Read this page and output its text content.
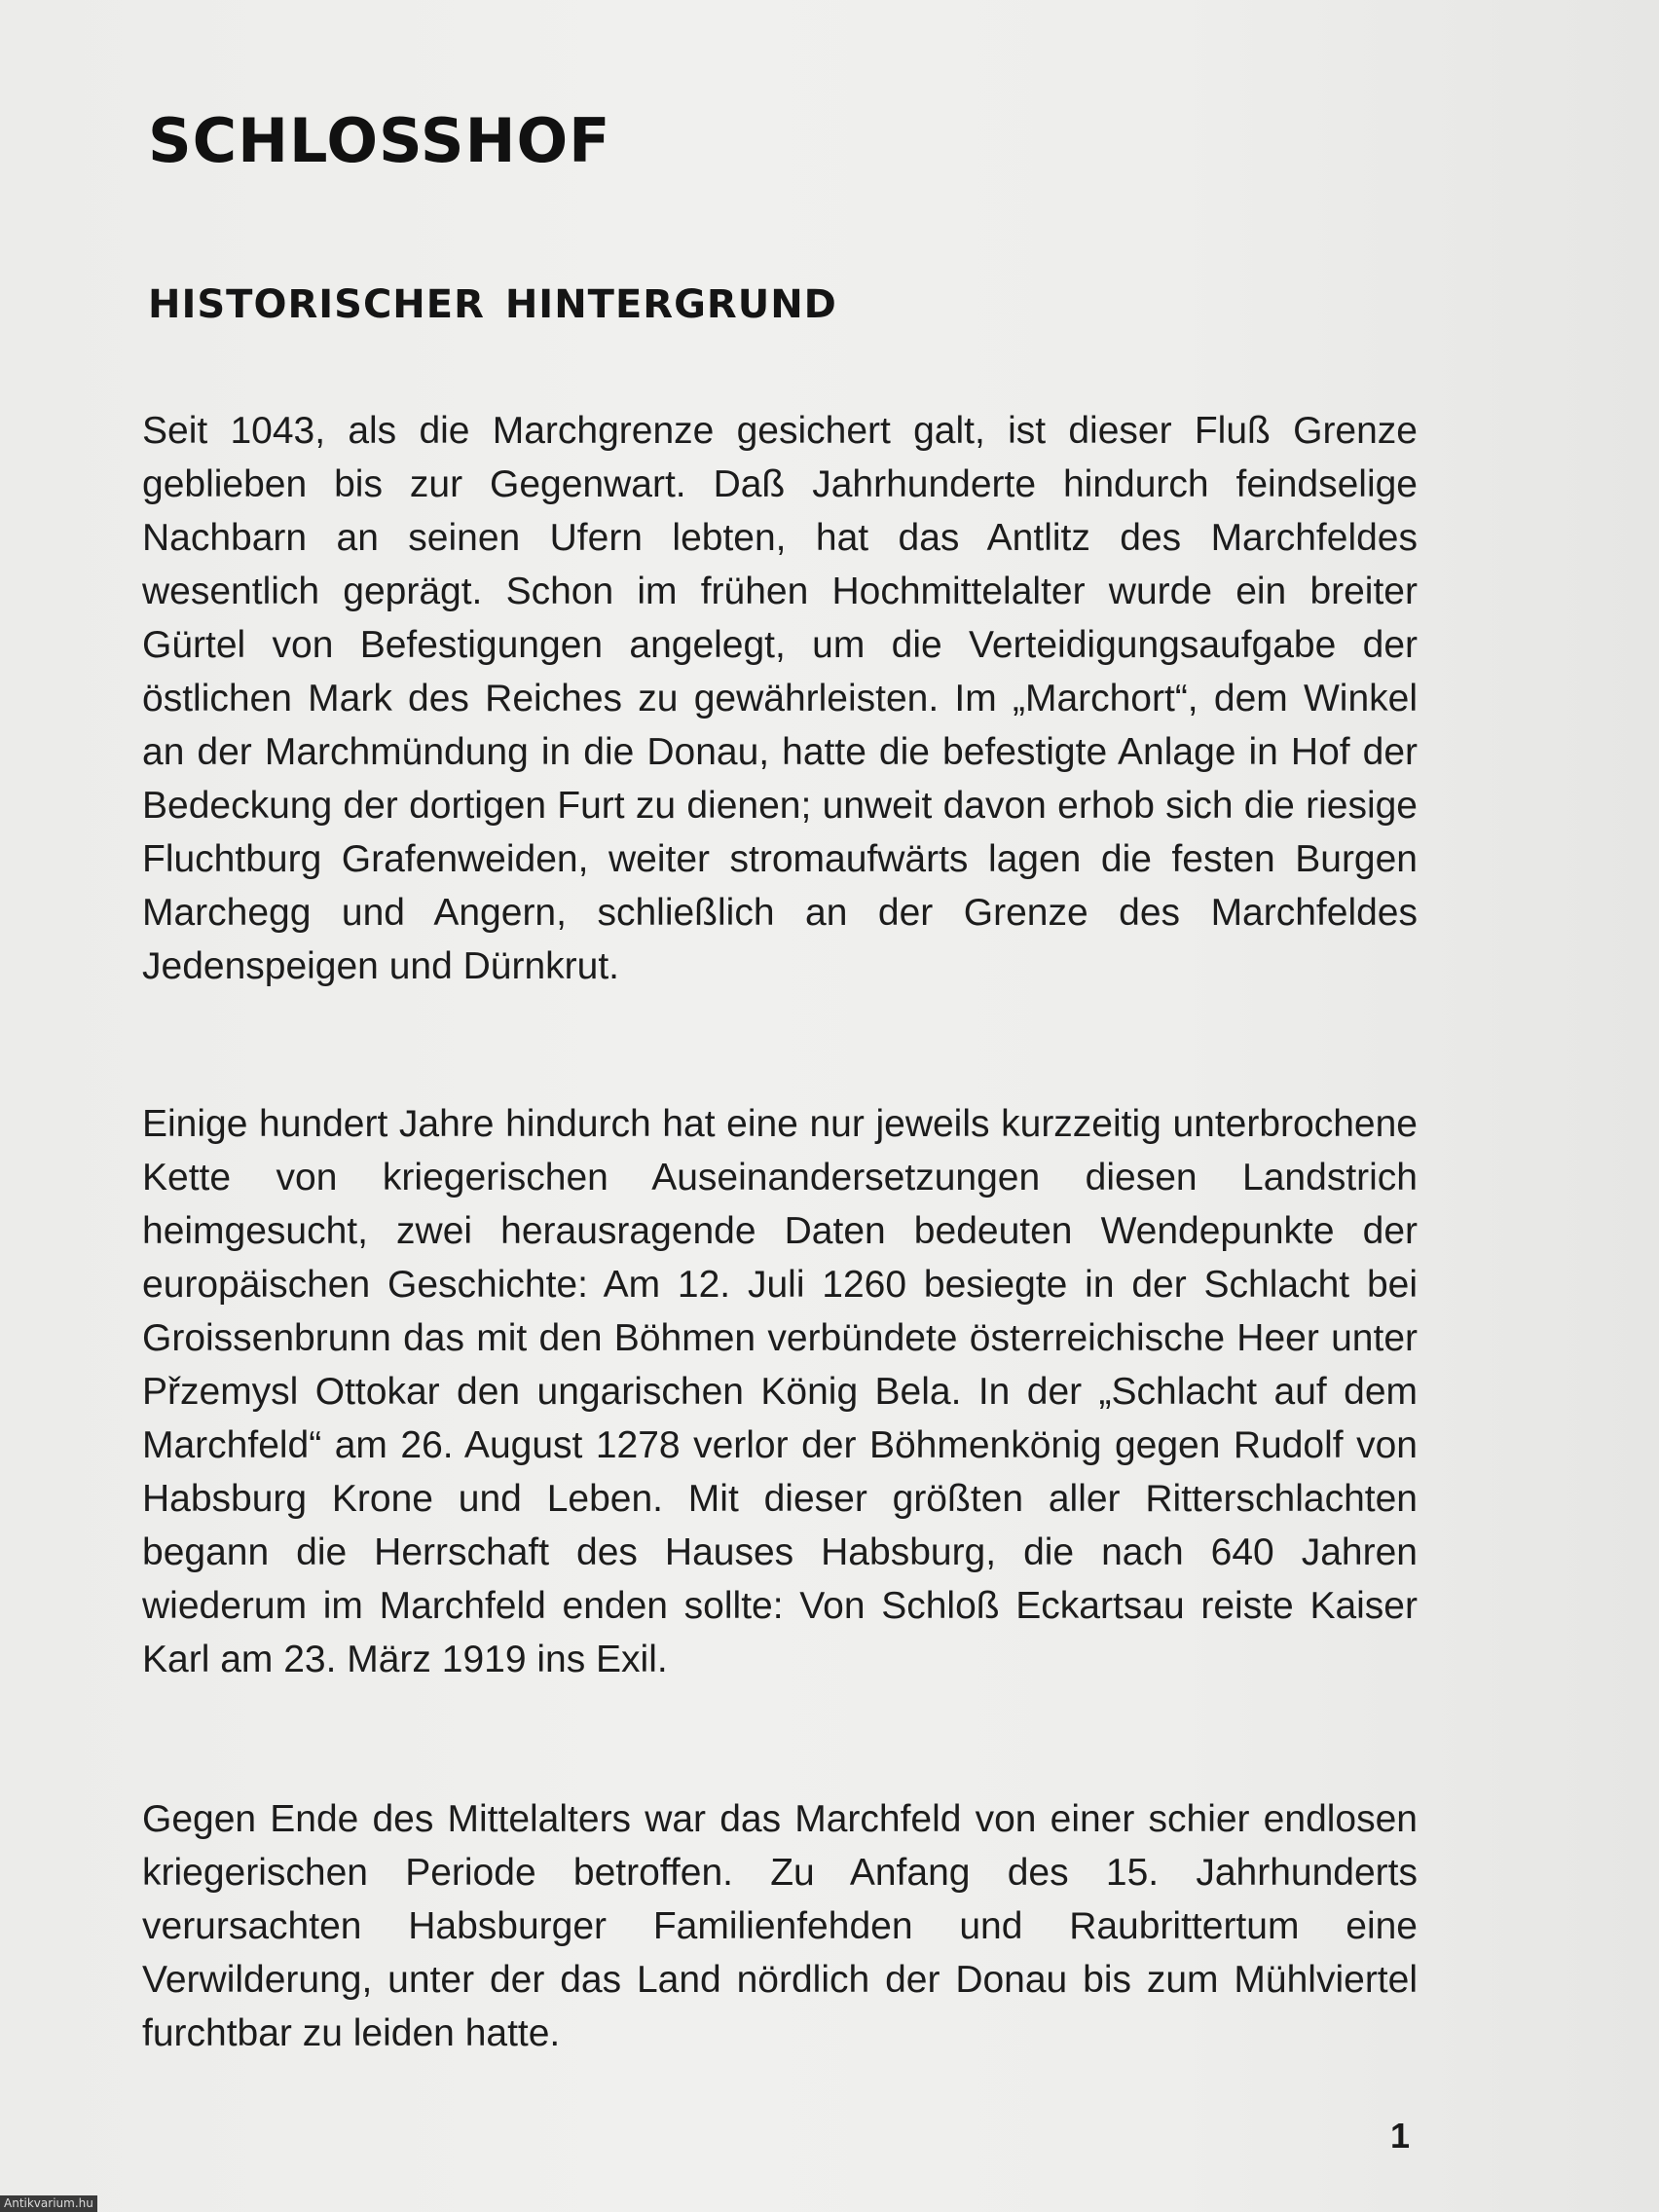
SCHLOSSHOF
HISTORISCHER HINTERGRUND

Seit 1043, als die Marchgrenze gesichert galt, ist dieser Fluß Grenze geblieben bis zur Gegenwart. Daß Jahrhunderte hindurch feindselige Nachbarn an seinen Ufern lebten, hat das Antlitz des Marchfeldes wesentlich geprägt. Schon im frühen Hochmittelalter wurde ein breiter Gürtel von Befestigungen angelegt, um die Verteidigungsaufgabe der östlichen Mark des Reiches zu gewährleisten. Im „Marchort“, dem Winkel an der Marchmündung in die Donau, hatte die befestigte Anlage in Hof der Bedeckung der dortigen Furt zu dienen; unweit davon erhob sich die riesige Fluchtburg Grafenweiden, weiter stromaufwärts lagen die festen Burgen Marchegg und Angern, schließlich an der Grenze des Marchfeldes Jedenspeigen und Dürnkrut.

Einige hundert Jahre hindurch hat eine nur jeweils kurzzeitig unterbrochene Kette von kriegerischen Auseinandersetzungen diesen Landstrich heimgesucht, zwei herausragende Daten bedeuten Wendepunkte der europäischen Geschichte: Am 12. Juli 1260 besiegte in der Schlacht bei Groissenbrunn das mit den Böhmen verbündete österreichische Heer unter Přzemysl Ottokar den ungarischen König Bela. In der „Schlacht auf dem Marchfeld“ am 26. August 1278 verlor der Böhmenkönig gegen Rudolf von Habsburg Krone und Leben. Mit dieser größten aller Ritterschlachten begann die Herrschaft des Hauses Habsburg, die nach 640 Jahren wiederum im Marchfeld enden sollte: Von Schloß Eckartsau reiste Kaiser Karl am 23. März 1919 ins Exil.

Gegen Ende des Mittelalters war das Marchfeld von einer schier endlosen kriegerischen Periode betroffen. Zu Anfang des 15. Jahrhunderts verursachten Habsburger Familienfehden und Raubrittertum eine Verwilderung, unter der das Land nördlich der Donau bis zum Mühlviertel furchtbar zu leiden hatte.

1
Antikvarium.hu
